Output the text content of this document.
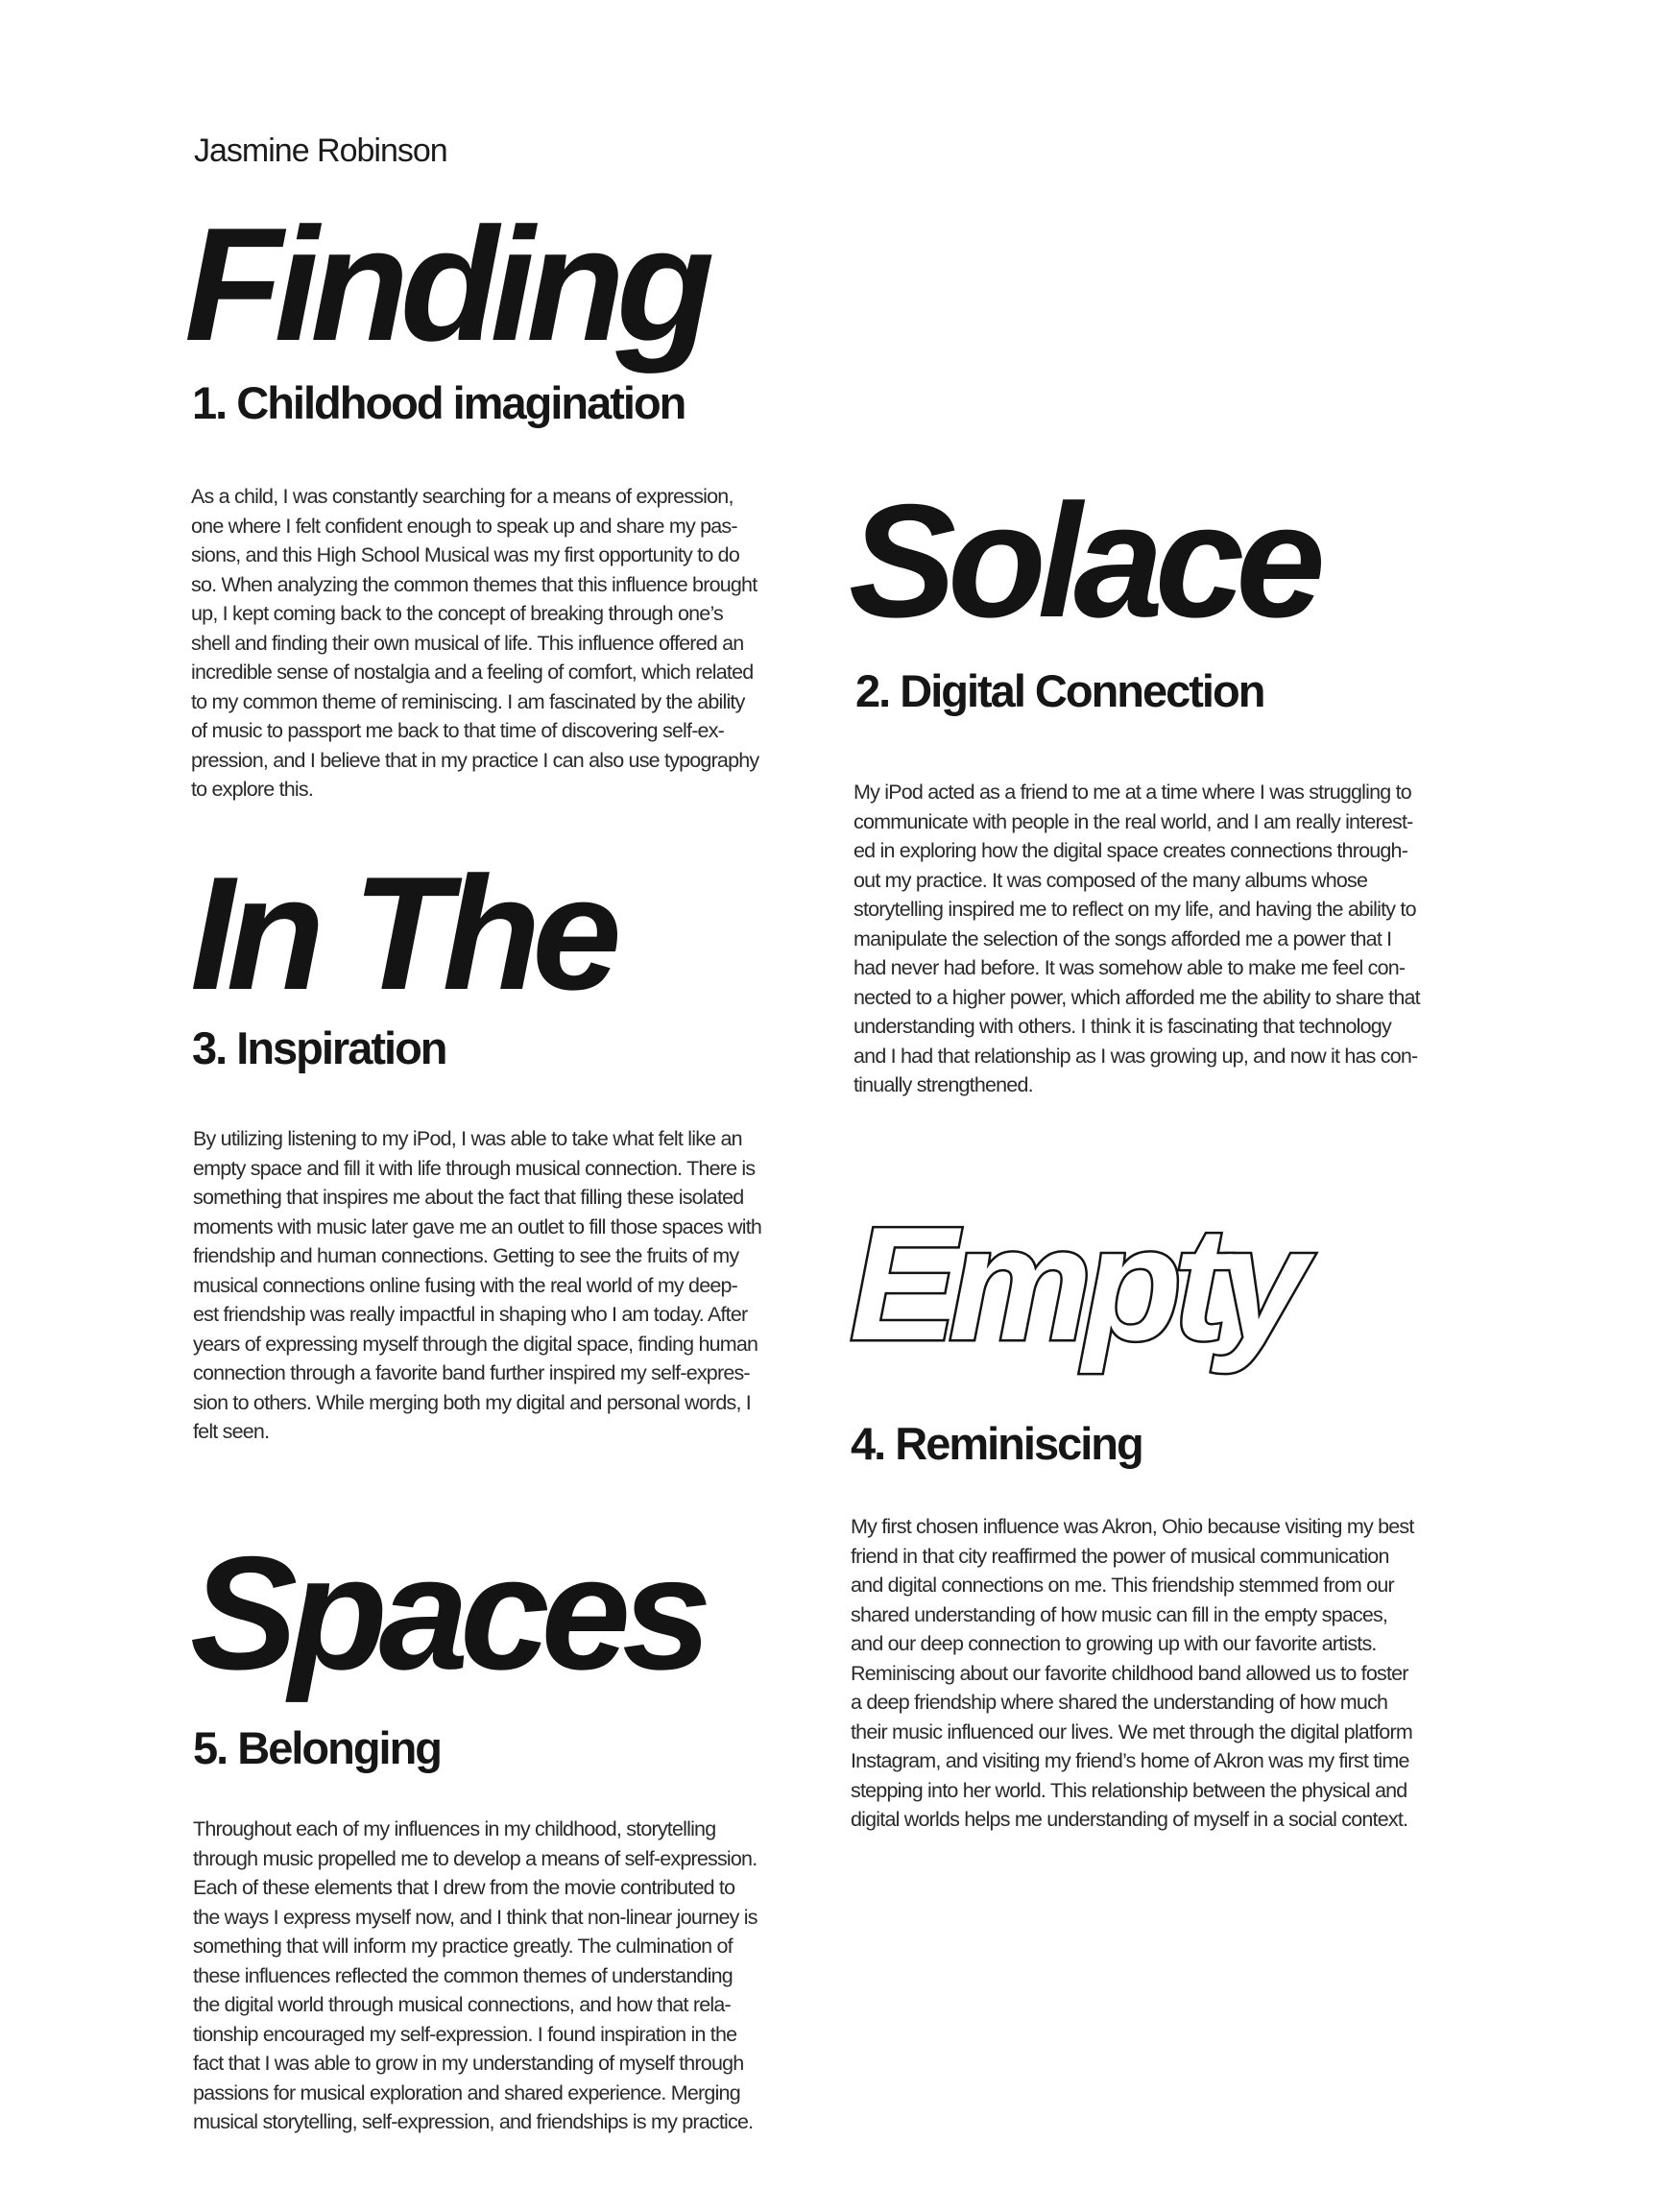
Jasmine Robinson
Finding
1. Childhood imagination
As a child, I was constantly searching for a means of expression,
one where I felt confident enough to speak up and share my pas-
sions, and this High School Musical was my first opportunity to do
so. When analyzing the common themes that this influence brought
up, I kept coming back to the concept of breaking through one’s
shell and finding their own musical of life. This influence offered an
incredible sense of nostalgia and a feeling of comfort, which related
to my common theme of reminiscing. I am fascinated by the ability
of music to passport me back to that time of discovering self-ex-
pression, and I believe that in my practice I can also use typography
to explore this.
Solace
2. Digital Connection
My iPod acted as a friend to me at a time where I was struggling to
communicate with people in the real world, and I am really interest-
ed in exploring how the digital space creates connections through-
out my practice. It was composed of the many albums whose
storytelling inspired me to reflect on my life, and having the ability to
manipulate the selection of the songs afforded me a power that I
had never had before. It was somehow able to make me feel con-
nected to a higher power, which afforded me the ability to share that
understanding with others. I think it is fascinating that technology
and I had that relationship as I was growing up, and now it has con-
tinually strengthened.
In The
3. Inspiration
By utilizing listening to my iPod, I was able to take what felt like an
empty space and fill it with life through musical connection. There is
something that inspires me about the fact that filling these isolated
moments with music later gave me an outlet to fill those spaces with
friendship and human connections. Getting to see the fruits of my
musical connections online fusing with the real world of my deep-
est friendship was really impactful in shaping who I am today. After
years of expressing myself through the digital space, finding human
connection through a favorite band further inspired my self-expres-
sion to others. While merging both my digital and personal words, I
felt seen.
Empty
4. Reminiscing
My first chosen influence was Akron, Ohio because visiting my best
friend in that city reaffirmed the power of musical communication
and digital connections on me. This friendship stemmed from our
shared understanding of how music can fill in the empty spaces,
and our deep connection to growing up with our favorite artists.
Reminiscing about our favorite childhood band allowed us to foster
a deep friendship where shared the understanding of how much
their music influenced our lives. We met through the digital platform
Instagram, and visiting my friend’s home of Akron was my first time
stepping into her world. This relationship between the physical and
digital worlds helps me understanding of myself in a social context.
Spaces
5. Belonging
Throughout each of my influences in my childhood, storytelling
through music propelled me to develop a means of self-expression.
Each of these elements that I drew from the movie contributed to
the ways I express myself now, and I think that non-linear journey is
something that will inform my practice greatly. The culmination of
these influences reflected the common themes of understanding
the digital world through musical connections, and how that rela-
tionship encouraged my self-expression. I found inspiration in the
fact that I was able to grow in my understanding of myself through
passions for musical exploration and shared experience. Merging
musical storytelling, self-expression, and friendships is my practice.
